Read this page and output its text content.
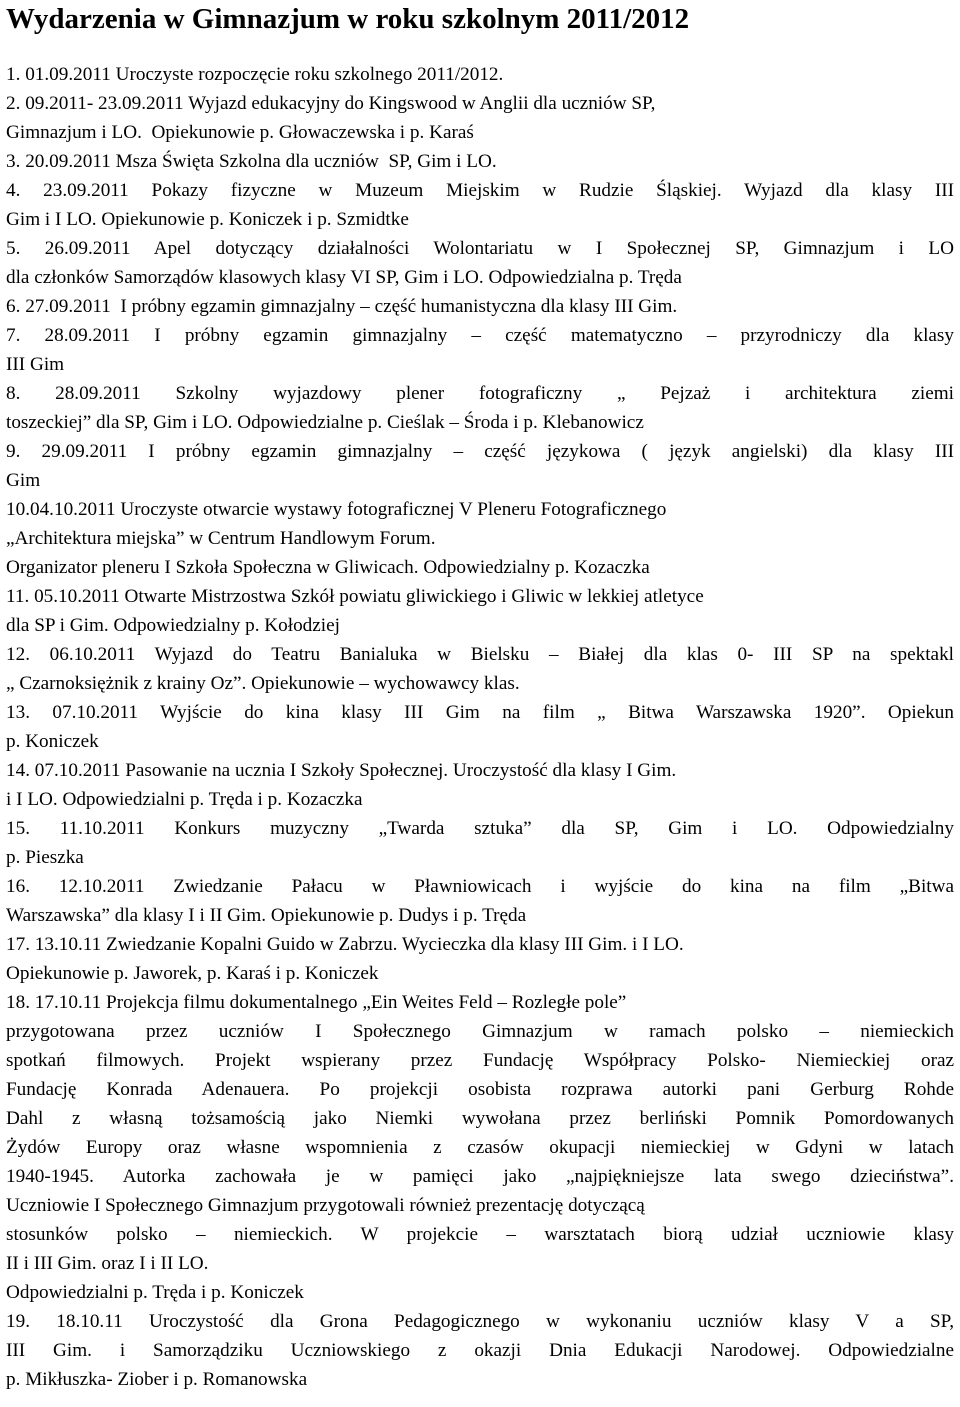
Wydarzenia w Gimnazjum w roku szkolnym 2011/2012
1. 01.09.2011 Uroczyste rozpoczęcie roku szkolnego 2011/2012.
2. 09.2011- 23.09.2011 Wyjazd edukacyjny do Kingswood w Anglii dla uczniów SP,
Gimnazjum i LO.  Opiekunowie p. Głowaczewska i p. Karaś
3. 20.09.2011 Msza Święta Szkolna dla uczniów  SP, Gim i LO.
4. 23.09.2011 Pokazy fizyczne w Muzeum Miejskim w Rudzie Śląskiej. Wyjazd dla klasy III
Gim i I LO. Opiekunowie p. Koniczek i p. Szmidtke
5. 26.09.2011 Apel dotyczący działalności Wolontariatu w I Społecznej SP, Gimnazjum i LO
dla członków Samorządów klasowych klasy VI SP, Gim i LO. Odpowiedzialna p. Tręda
6. 27.09.2011  I próbny egzamin gimnazjalny – część humanistyczna dla klasy III Gim.
7. 28.09.2011 I próbny egzamin gimnazjalny – część matematyczno – przyrodniczy dla klasy
III Gim
8. 28.09.2011 Szkolny wyjazdowy plener fotograficzny „ Pejzaż i architektura ziemi
toszeckiej” dla SP, Gim i LO. Odpowiedzialne p. Cieślak – Środa i p. Klebanowicz
9. 29.09.2011 I próbny egzamin gimnazjalny – część językowa ( język angielski) dla klasy III
Gim
10.04.10.2011 Uroczyste otwarcie wystawy fotograficznej V Pleneru Fotograficznego
„Architektura miejska” w Centrum Handlowym Forum.
Organizator pleneru I Szkoła Społeczna w Gliwicach. Odpowiedzialny p. Kozaczka
11. 05.10.2011 Otwarte Mistrzostwa Szkół powiatu gliwickiego i Gliwic w lekkiej atletyce
dla SP i Gim. Odpowiedzialny p. Kołodziej
12. 06.10.2011 Wyjazd do Teatru Banialuka w Bielsku – Białej dla klas 0- III SP na spektakl
„ Czarnoksiężnik z krainy Oz”. Opiekunowie – wychowawcy klas.
13. 07.10.2011 Wyjście do kina klasy III Gim na film „ Bitwa Warszawska 1920”. Opiekun
p. Koniczek
14. 07.10.2011 Pasowanie na ucznia I Szkoły Społecznej. Uroczystość dla klasy I Gim.
i I LO. Odpowiedzialni p. Tręda i p. Kozaczka
15. 11.10.2011 Konkurs muzyczny „Twarda sztuka” dla SP, Gim i LO. Odpowiedzialny
p. Pieszka
16. 12.10.2011 Zwiedzanie Pałacu w Pławniowicach i wyjście do kina na film „Bitwa
Warszawska” dla klasy I i II Gim. Opiekunowie p. Dudys i p. Tręda
17. 13.10.11 Zwiedzanie Kopalni Guido w Zabrzu. Wycieczka dla klasy III Gim. i I LO.
Opiekunowie p. Jaworek, p. Karaś i p. Koniczek
18. 17.10.11 Projekcja filmu dokumentalnego „Ein Weites Feld – Rozległe pole”
przygotowana przez uczniów I Społecznego Gimnazjum w ramach polsko – niemieckich
spotkań filmowych. Projekt wspierany przez Fundację Współpracy Polsko- Niemieckiej oraz
Fundację Konrada Adenauera. Po projekcji osobista rozprawa autorki pani Gerburg Rohde
Dahl z własną tożsamością jako Niemki wywołana przez berliński Pomnik Pomordowanych
Żydów Europy oraz własne wspomnienia z czasów okupacji niemieckiej w Gdyni w latach
1940-1945. Autorka zachowała je w pamięci jako „najpiękniejsze lata swego dzieciństwa”.
Uczniowie I Społecznego Gimnazjum przygotowali również prezentację dotyczącą
stosunków polsko – niemieckich. W projekcie – warsztatach biorą udział uczniowie klasy
II i III Gim. oraz I i II LO.
Odpowiedzialni p. Tręda i p. Koniczek
19. 18.10.11 Uroczystość dla Grona Pedagogicznego w wykonaniu uczniów klasy V a SP,
III Gim. i Samorządziku Uczniowskiego z okazji Dnia Edukacji Narodowej. Odpowiedzialne
p. Mikłuszka- Ziober i p. Romanowska
